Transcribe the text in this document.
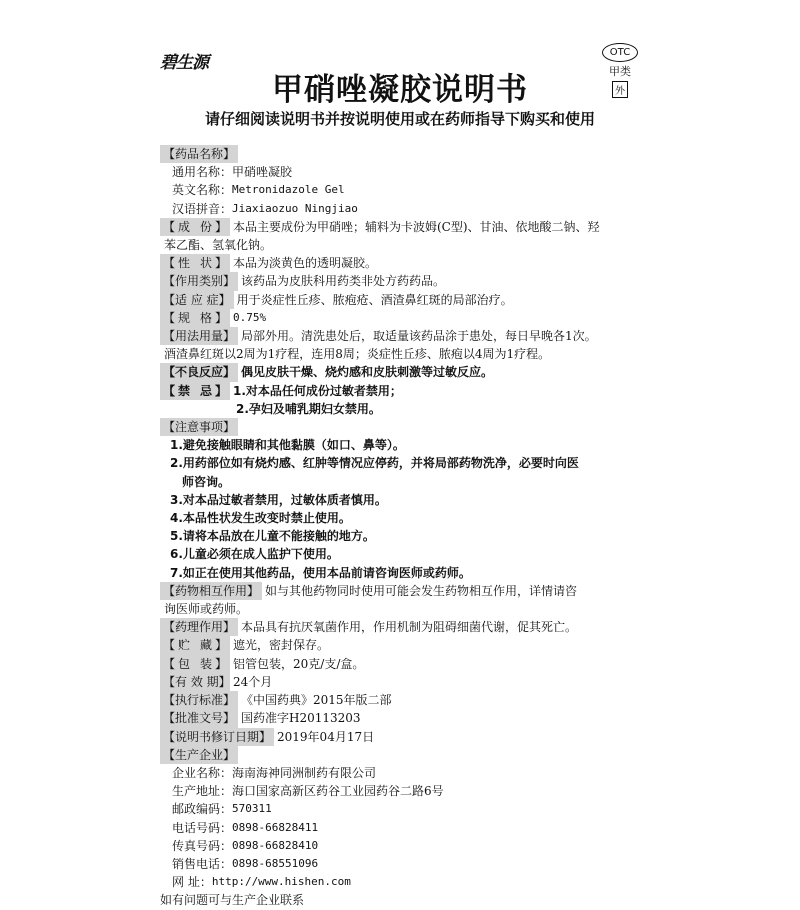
碧生源
OTC
甲类
外
甲硝唑凝胶说明书
请仔细阅读说明书并按说明使用或在药师指导下购买和使用
【药品名称】
通用名称： 甲硝唑凝胶
英文名称： Metronidazole Gel
汉语拼音： Jiaxiaozuo Ningjiao
【成 份】 本品主要成份为甲硝唑；辅料为卡波姆(C型)、甘油、依地酸二钠、羟
苯乙酯、氢氧化钠。
【性 状】 本品为淡黄色的透明凝胶。
【作用类别】 该药品为皮肤科用药类非处方药药品。
【适 应 症】 用于炎症性丘疹、脓疱疮、酒渣鼻红斑的局部治疗。
【规 格】 0.75%
【用法用量】 局部外用。清洗患处后，取适量该药品涂于患处，每日早晚各1次。
酒渣鼻红斑以2周为1疗程，连用8周；炎症性丘疹、脓疱以4周为1疗程。
【不良反应】 偶见皮肤干燥、烧灼感和皮肤刺激等过敏反应。
【禁 忌】 1.对本品任何成份过敏者禁用；
2.孕妇及哺乳期妇女禁用。
【注意事项】
1.避免接触眼睛和其他黏膜（如口、鼻等）。
2.用药部位如有烧灼感、红肿等情况应停药，并将局部药物洗净，必要时向医
师咨询。
3.对本品过敏者禁用，过敏体质者慎用。
4.本品性状发生改变时禁止使用。
5.请将本品放在儿童不能接触的地方。
6.儿童必须在成人监护下使用。
7.如正在使用其他药品，使用本品前请咨询医师或药师。
【药物相互作用】 如与其他药物同时使用可能会发生药物相互作用，详情请咨
询医师或药师。
【药理作用】 本品具有抗厌氧菌作用，作用机制为阻碍细菌代谢，促其死亡。
【贮 藏】 遮光，密封保存。
【包 装】 铝管包装，20克/支/盒。
【有 效 期】 24个月
【执行标准】 《中国药典》2015年版二部
【批准文号】 国药准字H20113203
【说明书修订日期】 2019年04月17日
【生产企业】
企业名称： 海南海神同洲制药有限公司
生产地址： 海口国家高新区药谷工业园药谷二路6号
邮政编码： 570311
电话号码： 0898-66828411
传真号码： 0898-66828410
销售电话： 0898-68551096
网 址： http://www.hishen.com
如有问题可与生产企业联系
